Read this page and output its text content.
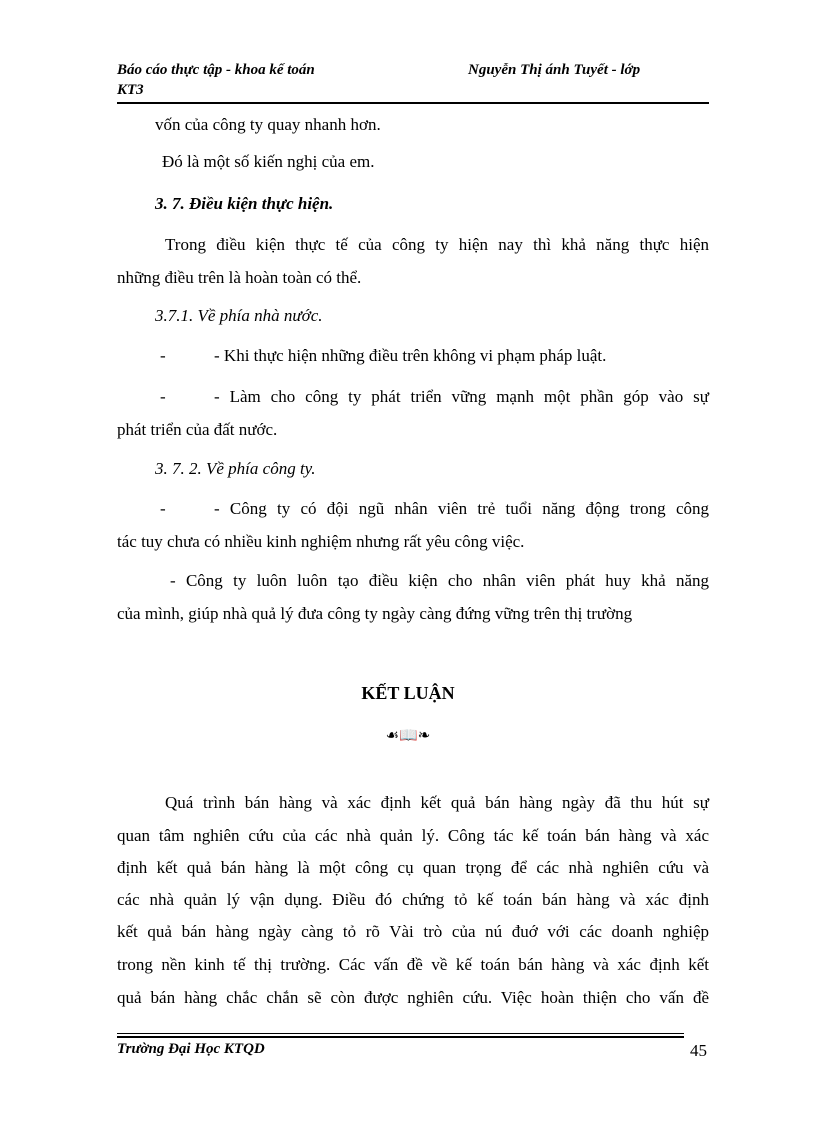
Báo cáo thực tập - khoa kế toán	Nguyễn Thị ánh Tuyết - lớp
KT3
vốn của công ty quay nhanh hơn.
Đó là một số kiến nghị của em.
3. 7. Điều kiện thực hiện.
Trong điều kiện thực tế của công ty hiện nay thì khả năng thực hiện
những điều trên là hoàn toàn có thể.
3.7.1. Về phía nhà nước.
-	- Khi thực hiện những điều trên không vi phạm pháp luật.
-	- Làm cho công ty phát triển vững mạnh một phần góp vào sự
phát triển của đất nước.
3. 7. 2. Về phía công ty.
-	- Công ty có đội ngũ nhân viên trẻ tuổi năng động trong công
tác tuy chưa có nhiều kinh nghiệm nhưng rất yêu công việc.
- Công ty luôn luôn tạo điều kiện cho nhân viên phát huy khả năng
của mình, giúp nhà quả lý đưa công ty ngày càng đứng vững trên thị trường
KẾT LUẬN
☙📖❧
Quá trình bán hàng và xác định kết quả bán hàng ngày đã thu hút sự
quan tâm nghiên cứu của các nhà quản lý. Công tác kế toán bán hàng và xác
định kết quả bán hàng là một công cụ quan trọng để các nhà nghiên cứu và
các nhà quản lý vận dụng. Điều đó chứng tỏ kế toán bán hàng và xác định
kết quả bán hàng ngày càng tỏ rõ Vài trò của nú đuớ với các doanh nghiệp
trong nền kinh tế thị trường. Các vấn đề về kế toán bán hàng và xác định kết
quả bán hàng chắc chắn sẽ còn được nghiên cứu. Việc hoàn thiện cho vấn đề
Trường Đại Học KTQD	45
